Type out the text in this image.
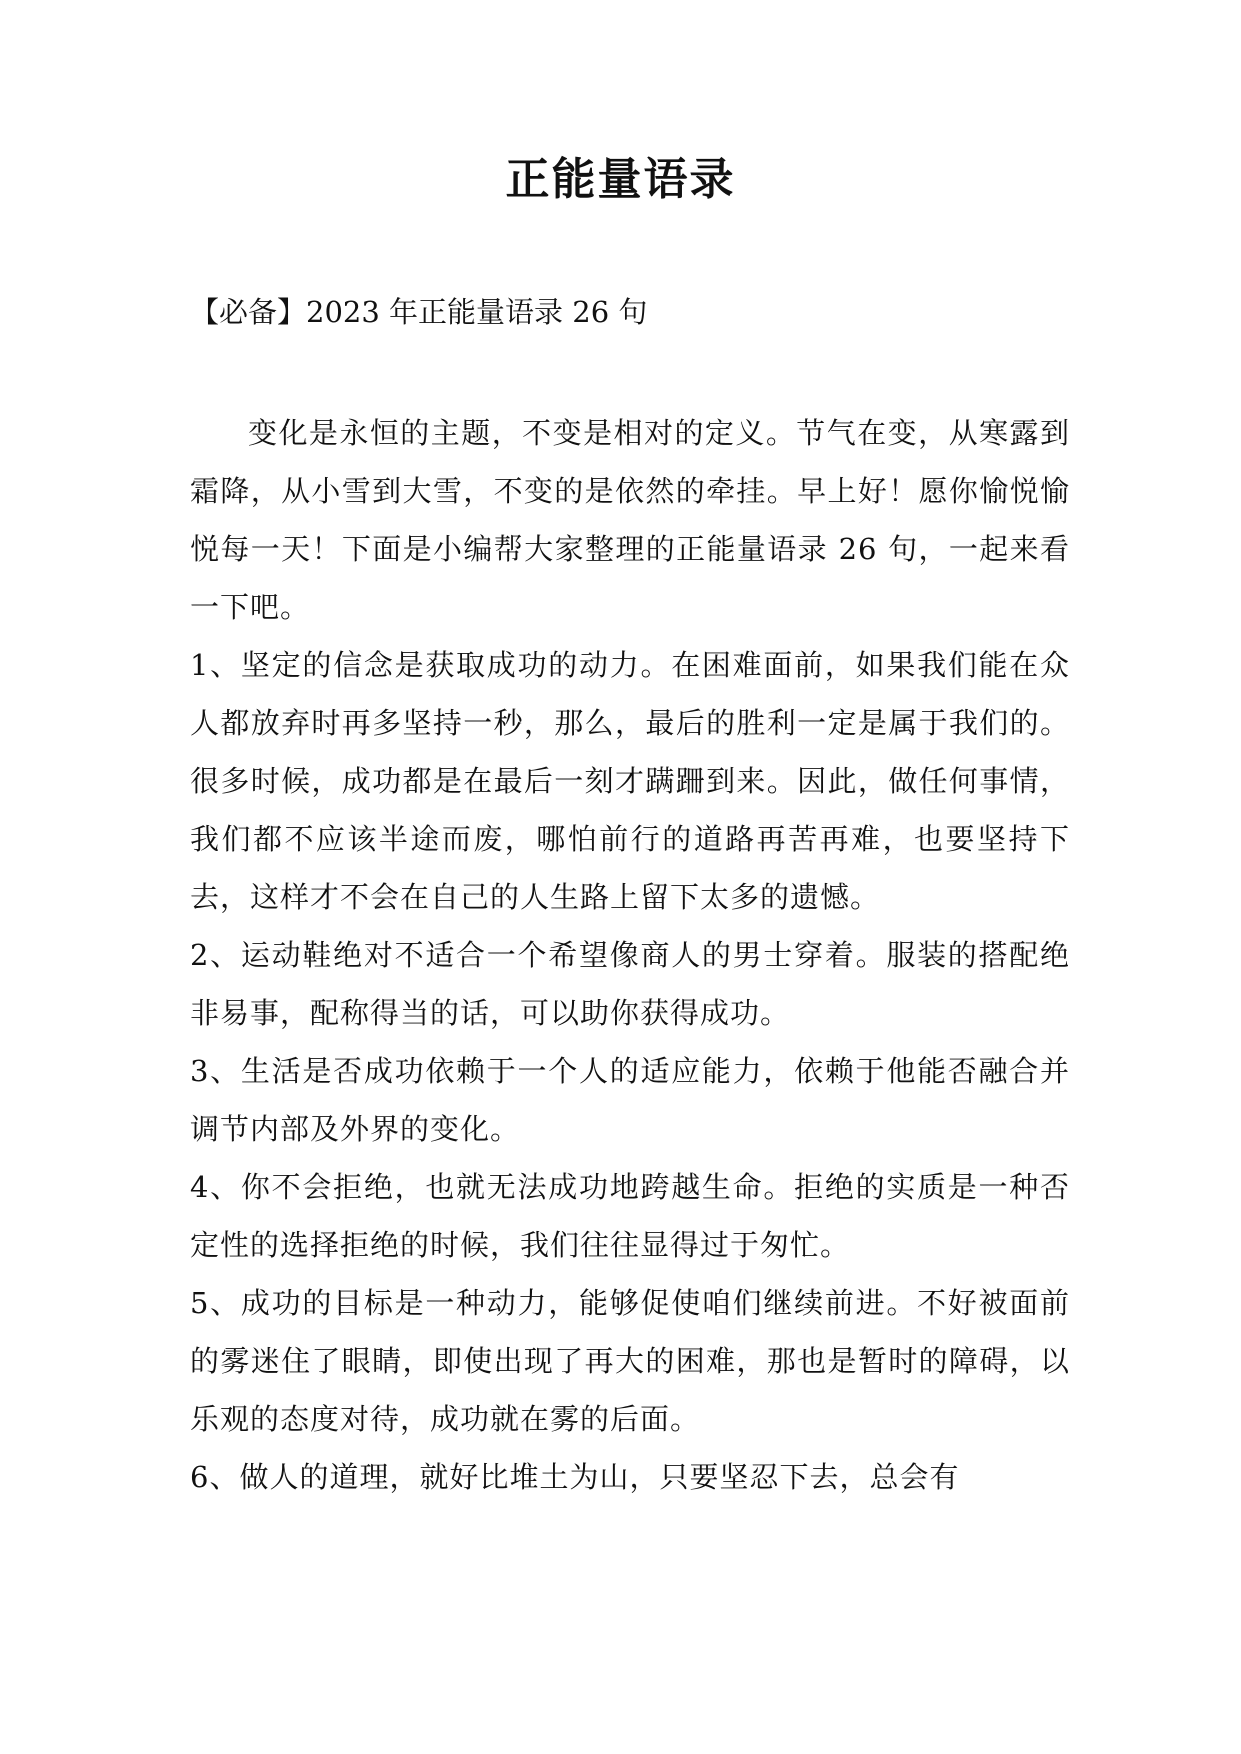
正能量语录

【必备】2023 年正能量语录 26 句

变化是永恒的主题，不变是相对的定义。节气在变，从寒露到霜降，从小雪到大雪，不变的是依然的牵挂。早上好！愿你愉悦愉悦每一天！下面是小编帮大家整理的正能量语录 26 句，一起来看一下吧。

1、坚定的信念是获取成功的动力。在困难面前，如果我们能在众人都放弃时再多坚持一秒，那么，最后的胜利一定是属于我们的。很多时候，成功都是在最后一刻才蹒跚到来。因此，做任何事情，我们都不应该半途而废，哪怕前行的道路再苦再难，也要坚持下去，这样才不会在自己的人生路上留下太多的遗憾。

2、运动鞋绝对不适合一个希望像商人的男士穿着。服装的搭配绝非易事，配称得当的话，可以助你获得成功。

3、生活是否成功依赖于一个人的适应能力，依赖于他能否融合并调节内部及外界的变化。

4、你不会拒绝，也就无法成功地跨越生命。拒绝的实质是一种否定性的选择拒绝的时候，我们往往显得过于匆忙。

5、成功的目标是一种动力，能够促使咱们继续前进。不好被面前的雾迷住了眼睛，即使出现了再大的困难，那也是暂时的障碍，以乐观的态度对待，成功就在雾的后面。

6、做人的道理，就好比堆土为山，只要坚忍下去，总会有
